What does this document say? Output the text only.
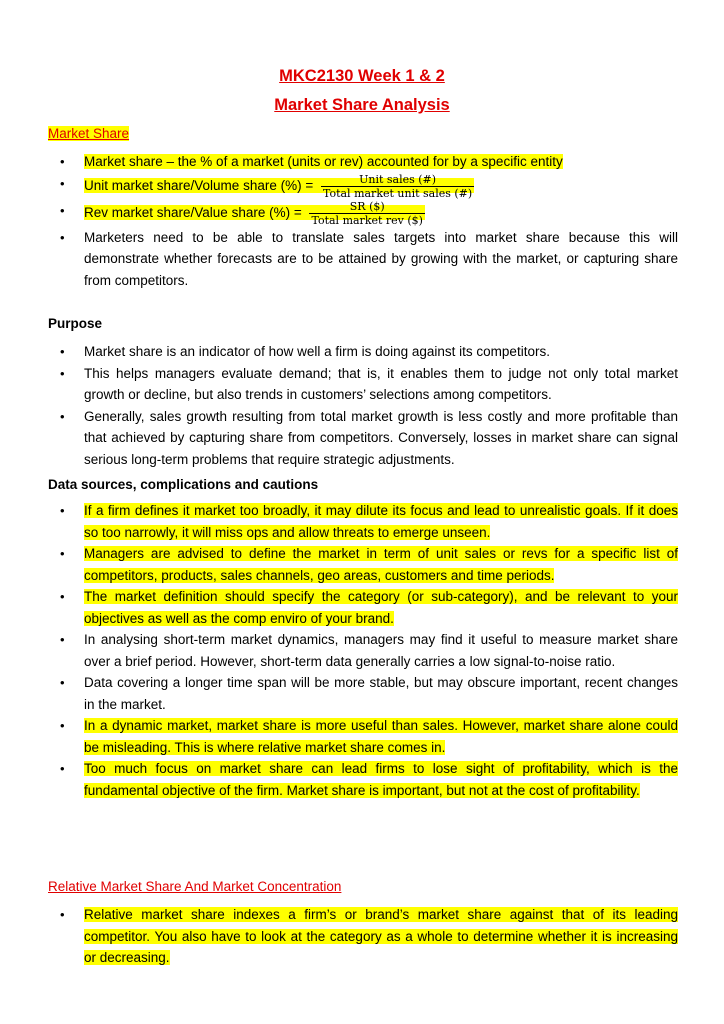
MKC2130 Week 1 & 2
Market Share Analysis
Market Share
•	Market share – the % of a market (units or rev) accounted for by a specific entity
•	Unit market share/Volume share (%) = $\frac{\text{Unit sales (\#)}}{\text{Total market unit sales (\#)}}$
•	Rev market share/Value share (%) = $\frac{SR (\$)}{\text{Total market rev (\$)}}$
•	Marketers need to be able to translate sales targets into market share because this will demonstrate whether forecasts are to be attained by growing with the market, or capturing share from competitors.
Purpose
•	Market share is an indicator of how well a firm is doing against its competitors.
•	This helps managers evaluate demand; that is, it enables them to judge not only total market growth or decline, but also trends in customers’ selections among competitors.
•	Generally, sales growth resulting from total market growth is less costly and more profitable than that achieved by capturing share from competitors. Conversely, losses in market share can signal serious long-term problems that require strategic adjustments.
Data sources, complications and cautions
•	If a firm defines it market too broadly, it may dilute its focus and lead to unrealistic goals. If it does so too narrowly, it will miss ops and allow threats to emerge unseen.
•	Managers are advised to define the market in term of unit sales or revs for a specific list of competitors, products, sales channels, geo areas, customers and time periods.
•	The market definition should specify the category (or sub-category), and be relevant to your objectives as well as the comp enviro of your brand.
•	In analysing short-term market dynamics, managers may find it useful to measure market share over a brief period. However, short-term data generally carries a low signal-to-noise ratio.
•	Data covering a longer time span will be more stable, but may obscure important, recent changes in the market.
•	In a dynamic market, market share is more useful than sales. However, market share alone could be misleading. This is where relative market share comes in.
•	Too much focus on market share can lead firms to lose sight of profitability, which is the fundamental objective of the firm. Market share is important, but not at the cost of profitability.
Relative Market Share And Market Concentration
•	Relative market share indexes a firm’s or brand’s market share against that of its leading competitor. You also have to look at the category as a whole to determine whether it is increasing or decreasing.
